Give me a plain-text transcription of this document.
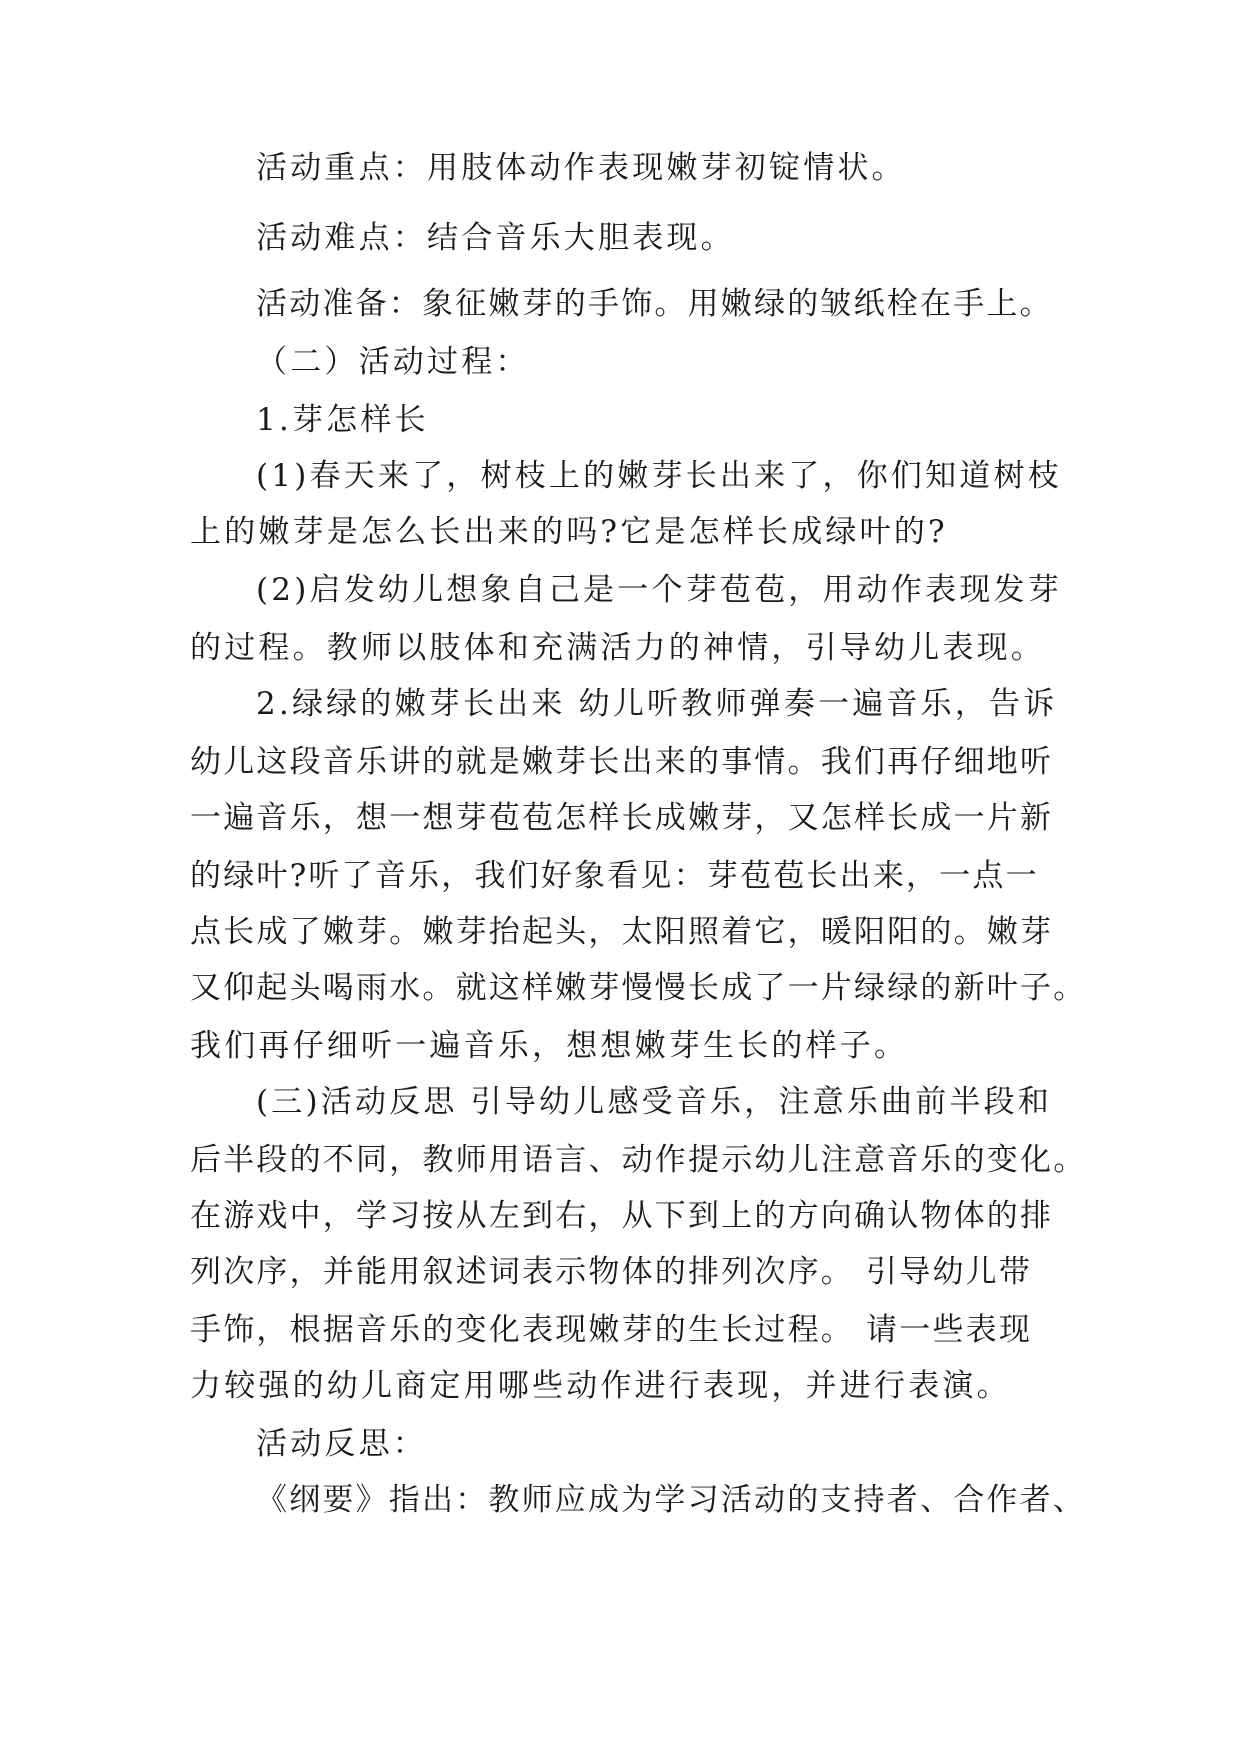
活动重点：用肢体动作表现嫩芽初锭情状。

活动难点：结合音乐大胆表现。

活动准备：象征嫩芽的手饰。用嫩绿的皱纸栓在手上。

（二）活动过程：

1.芽怎样长

(1)春天来了，树枝上的嫩芽长出来了，你们知道树枝

上的嫩芽是怎么长出来的吗?它是怎样长成绿叶的?

(2)启发幼儿想象自己是一个芽苞苞，用动作表现发芽

的过程。教师以肢体和充满活力的神情，引导幼儿表现。

2.绿绿的嫩芽长出来 幼儿听教师弹奏一遍音乐，告诉

幼儿这段音乐讲的就是嫩芽长出来的事情。我们再仔细地听

一遍音乐，想一想芽苞苞怎样长成嫩芽，又怎样长成一片新

的绿叶?听了音乐，我们好象看见：芽苞苞长出来，一点一

点长成了嫩芽。嫩芽抬起头，太阳照着它，暖阳阳的。嫩芽

又仰起头喝雨水。就这样嫩芽慢慢长成了一片绿绿的新叶子。

我们再仔细听一遍音乐，想想嫩芽生长的样子。

(三)活动反思 引导幼儿感受音乐，注意乐曲前半段和

后半段的不同，教师用语言、动作提示幼儿注意音乐的变化。

在游戏中，学习按从左到右，从下到上的方向确认物体的排

列次序，并能用叙述词表示物体的排列次序。 引导幼儿带

手饰，根据音乐的变化表现嫩芽的生长过程。 请一些表现

力较强的幼儿商定用哪些动作进行表现，并进行表演。

活动反思：

《纲要》指出：教师应成为学习活动的支持者、合作者、
